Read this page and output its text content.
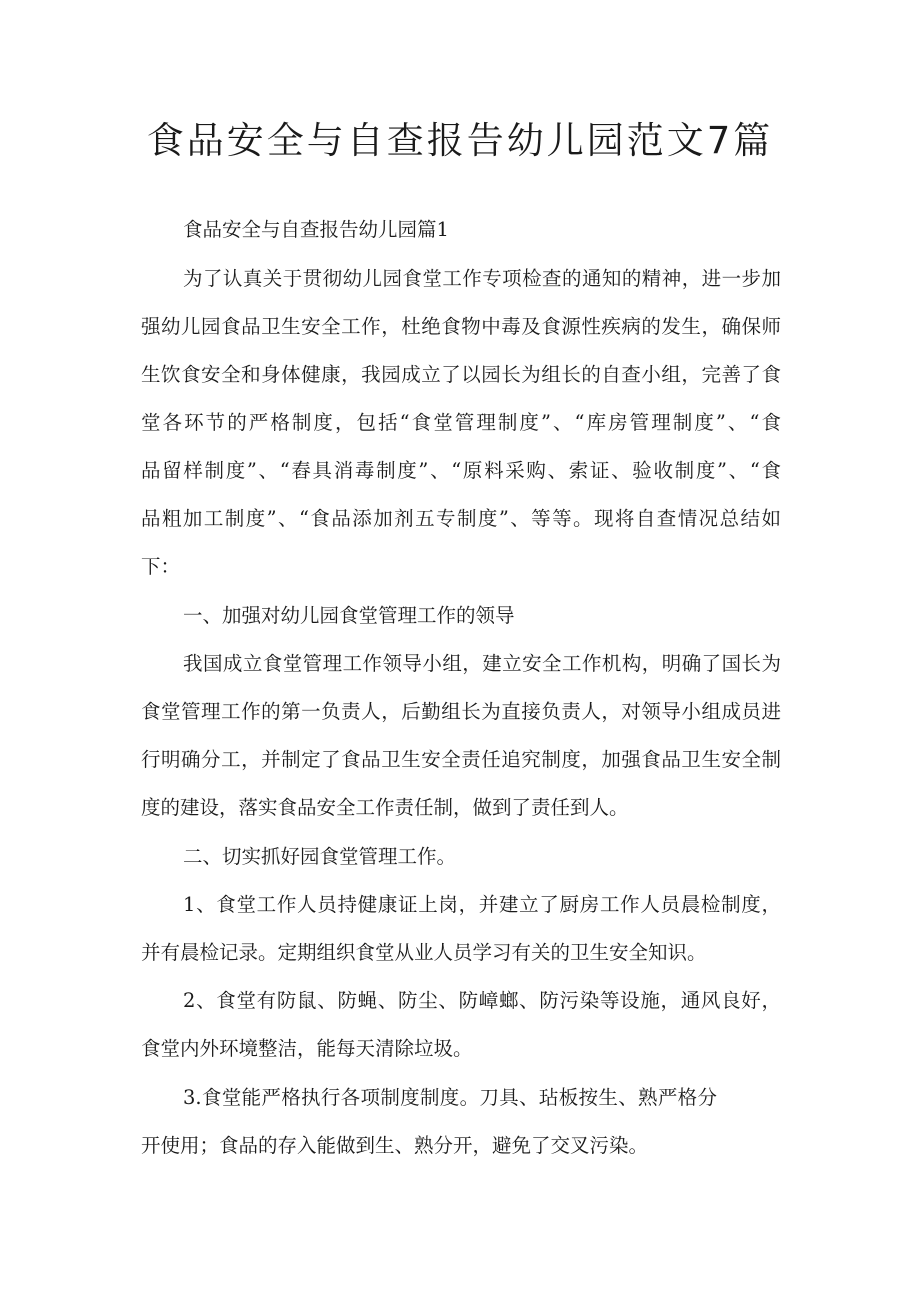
食品安全与自查报告幼儿园范文7篇

食品安全与自查报告幼儿园篇1

为了认真关于贯彻幼儿园食堂工作专项检查的通知的精神，进一步加

强幼儿园食品卫生安全工作，杜绝食物中毒及食源性疾病的发生，确保师

生饮食安全和身体健康，我园成立了以园长为组长的自查小组，完善了食

堂各环节的严格制度，包括“食堂管理制度”、“库房管理制度”、“食

品留样制度”、“舂具消毒制度”、“原料采购、索证、验收制度”、“食

品粗加工制度”、“食品添加剂五专制度”、等等。现将自查情况总结如

下：

一、加强对幼儿园食堂管理工作的领导

我国成立食堂管理工作领导小组，建立安全工作机构，明确了国长为

食堂管理工作的第一负责人，后勤组长为直接负责人，对领导小组成员进

行明确分工，并制定了食品卫生安全责任追究制度，加强食品卫生安全制

度的建设，落实食品安全工作责任制，做到了责任到人。

二、切实抓好园食堂管理工作。

1、食堂工作人员持健康证上岗，并建立了厨房工作人员晨检制度，

并有晨检记录。定期组织食堂从业人员学习有关的卫生安全知识。

2、食堂有防鼠、防蝇、防尘、防嶂螂、防污染等设施，通风良好，

食堂内外环境整洁，能每天清除垃圾。

3.食堂能严格执行各项制度制度。刀具、玷板按生、熟严格分

开使用；食品的存入能做到生、熟分开，避免了交叉污染。
